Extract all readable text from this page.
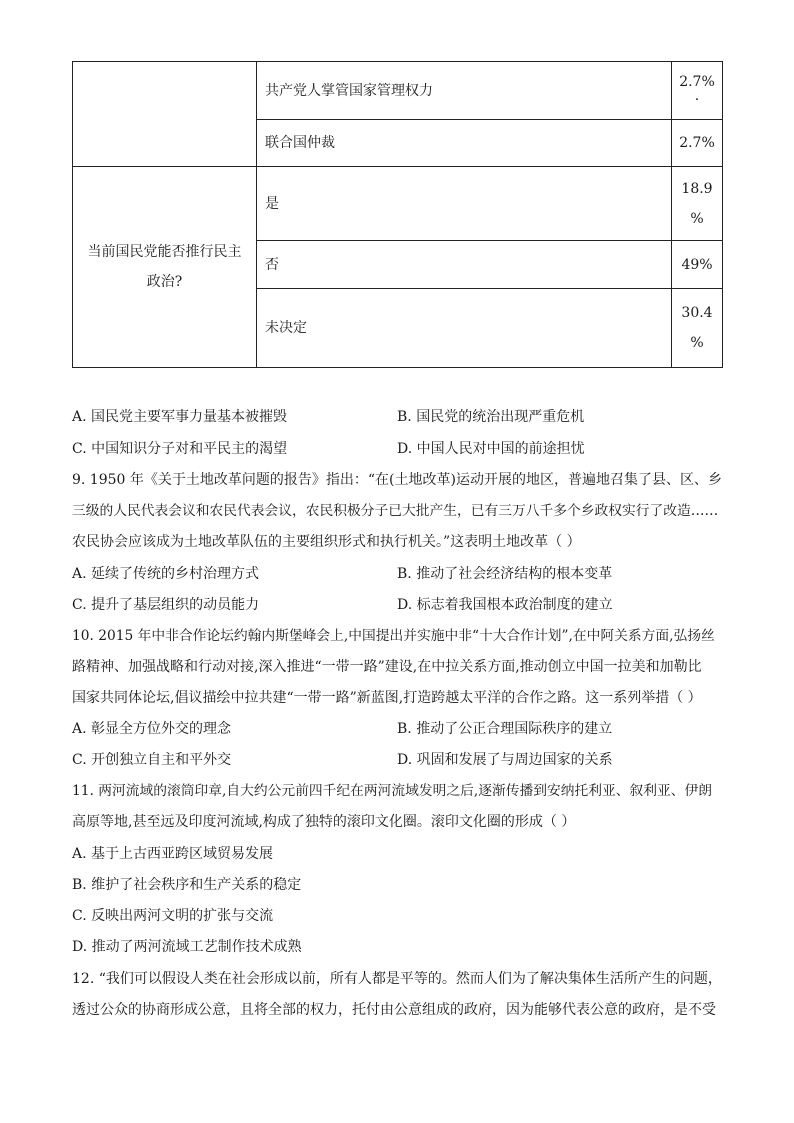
	共产党人掌管国家管理权力	2.7%
·
	联合国仲裁	2.7%
当前国民党能否推行民主政治?	是	18.9
%
	否	49%
	未决定	30.4
%
A. 国民党主要军事力量基本被摧毁	B. 国民党的统治出现严重危机
C. 中国知识分子对和平民主的渴望	D. 中国人民对中国的前途担忧
9. 1950 年《关于土地改革问题的报告》指出：“在(土地改革)运动开展的地区，普遍地召集了县、区、乡
三级的人民代表会议和农民代表会议，农民积极分子已大批产生，已有三万八千多个乡政权实行了改造……
农民协会应该成为土地改革队伍的主要组织形式和执行机关。”这表明土地改革（ ）
A. 延续了传统的乡村治理方式	B. 推动了社会经济结构的根本变革
C. 提升了基层组织的动员能力	D. 标志着我国根本政治制度的建立
10. 2015 年中非合作论坛约翰内斯堡峰会上,中国提出并实施中非“十大合作计划”,在中阿关系方面,弘扬丝
路精神、加强战略和行动对接,深入推进“一带一路”建设,在中拉关系方面,推动创立中国一拉美和加勒比
国家共同体论坛,倡议描绘中拉共建“一带一路”新蓝图,打造跨越太平洋的合作之路。这一系列举措（ ）
A. 彰显全方位外交的理念	B. 推动了公正合理国际秩序的建立
C. 开创独立自主和平外交	D. 巩固和发展了与周边国家的关系
11. 两河流域的滚筒印章,自大约公元前四千纪在两河流域发明之后,逐渐传播到安纳托利亚、叙利亚、伊朗
高原等地,甚至远及印度河流域,构成了独特的滚印文化圈。滚印文化圈的形成（ ）
A. 基于上古西亚跨区域贸易发展
B. 维护了社会秩序和生产关系的稳定
C. 反映出两河文明的扩张与交流
D. 推动了两河流域工艺制作技术成熟
12. “我们可以假设人类在社会形成以前，所有人都是平等的。然而人们为了解决集体生活所产生的问题，
透过公众的协商形成公意，且将全部的权力，托付由公意组成的政府，因为能够代表公意的政府，是不受
